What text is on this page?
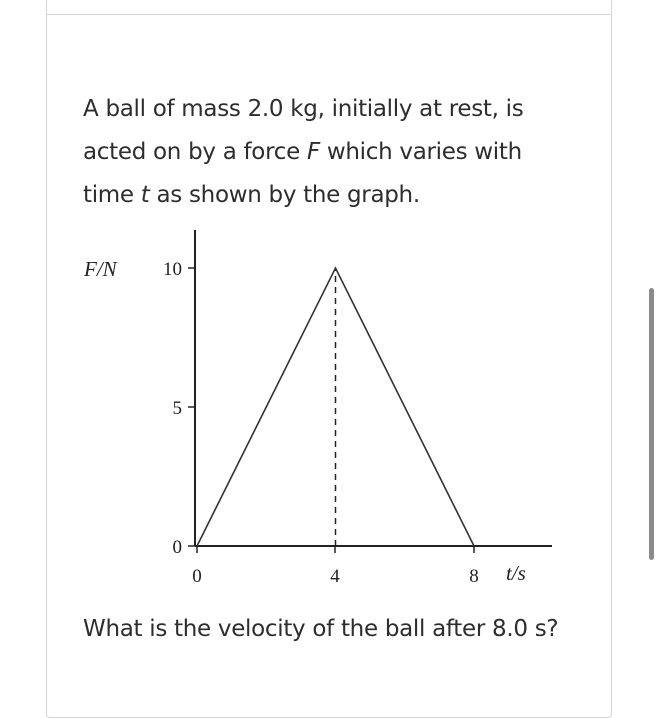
A ball of mass 2.0 kg, initially at rest, is

acted on by a force F which varies with

time t as shown by the graph.

F/N
0
5
10
0	4	8 t/s
What is the velocity of the ball after 8.0 s?
